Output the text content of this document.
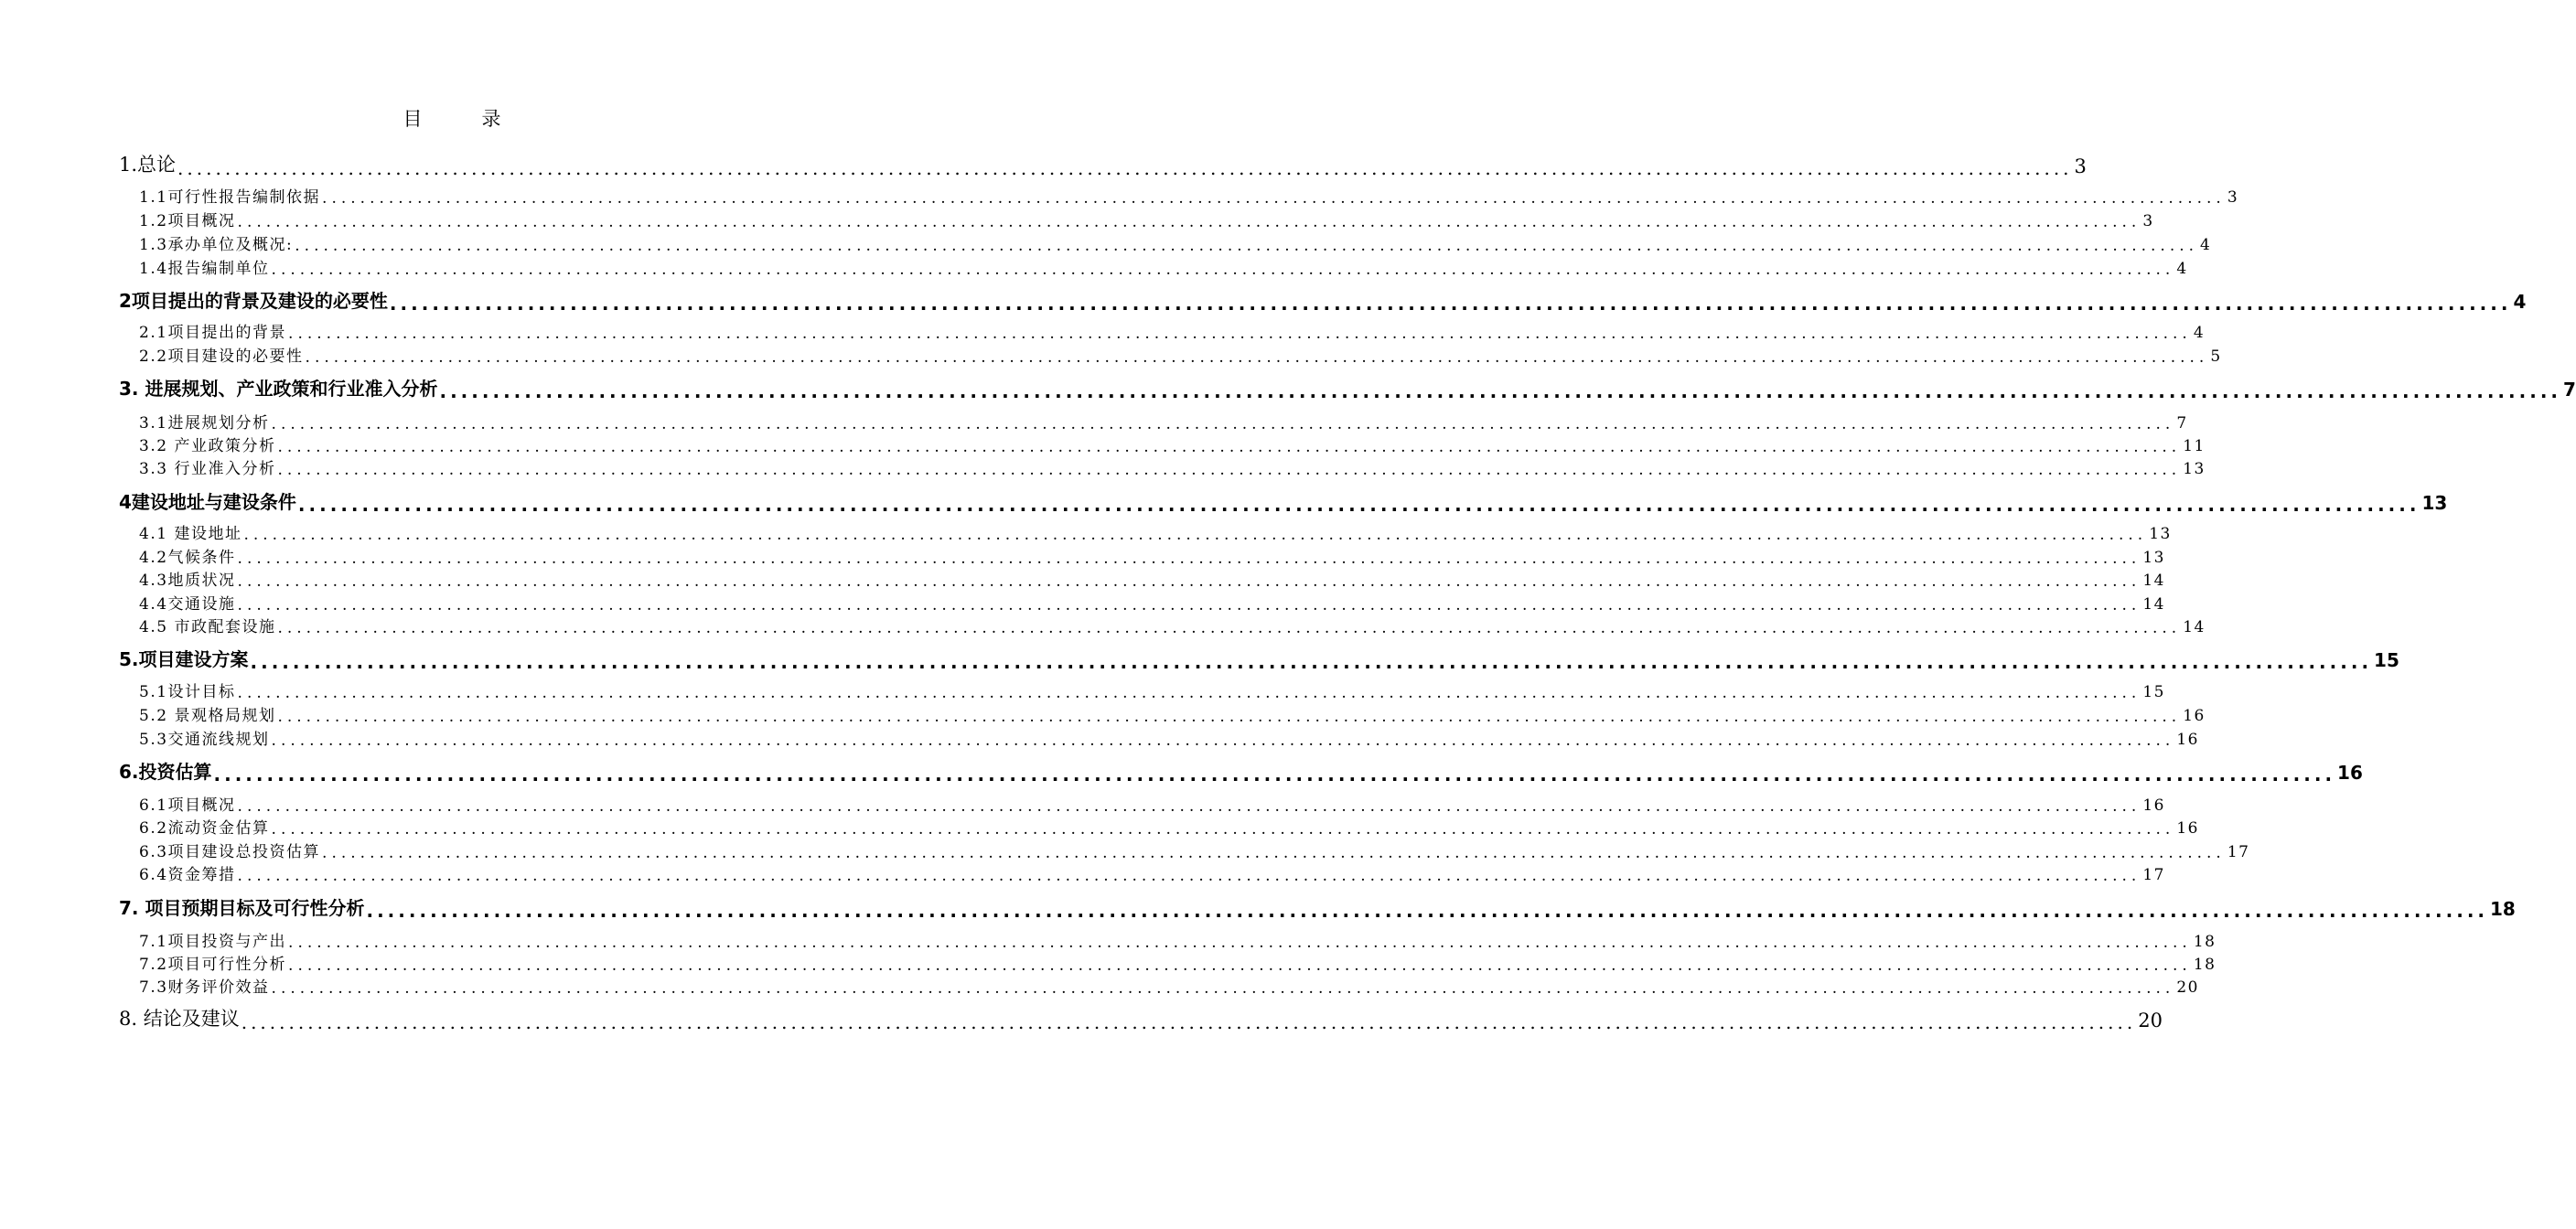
目　录
1.总论 ........................................................................................................................................................................................................ 3
1.1可行性报告编制依据 ........................................................................................................................................................................................................ 3
1.2项目概况 ........................................................................................................................................................................................................ 3
1.3承办单位及概况: ........................................................................................................................................................................................................ 4
1.4报告编制单位 ........................................................................................................................................................................................................ 4
2项目提出的背景及建设的必要性 ........................................................................................................................................................................................................ 4
2.1项目提出的背景 ........................................................................................................................................................................................................ 4
2.2项目建设的必要性 ........................................................................................................................................................................................................ 5
3. 进展规划、产业政策和行业准入分析 ........................................................................................................................................................................................................ 7
3.1进展规划分析 ........................................................................................................................................................................................................ 7
3.2 产业政策分析 ........................................................................................................................................................................................................ 11
3.3 行业准入分析 ........................................................................................................................................................................................................ 13
4建设地址与建设条件 ........................................................................................................................................................................................................ 13
4.1 建设地址 ........................................................................................................................................................................................................ 13
4.2气候条件 ........................................................................................................................................................................................................ 13
4.3地质状况 ........................................................................................................................................................................................................ 14
4.4交通设施 ........................................................................................................................................................................................................ 14
4.5 市政配套设施 ........................................................................................................................................................................................................ 14
5.项目建设方案 ........................................................................................................................................................................................................ 15
5.1设计目标 ........................................................................................................................................................................................................ 15
5.2 景观格局规划 ........................................................................................................................................................................................................ 16
5.3交通流线规划 ........................................................................................................................................................................................................ 16
6.投资估算 ........................................................................................................................................................................................................ 16
6.1项目概况 ........................................................................................................................................................................................................ 16
6.2流动资金估算 ........................................................................................................................................................................................................ 16
6.3项目建设总投资估算 ........................................................................................................................................................................................................ 17
6.4资金筹措 ........................................................................................................................................................................................................ 17
7. 项目预期目标及可行性分析 ........................................................................................................................................................................................................ 18
7.1项目投资与产出 ........................................................................................................................................................................................................ 18
7.2项目可行性分析 ........................................................................................................................................................................................................ 18
7.3财务评价效益 ........................................................................................................................................................................................................ 20
8. 结论及建议 ........................................................................................................................................................................................................ 20
